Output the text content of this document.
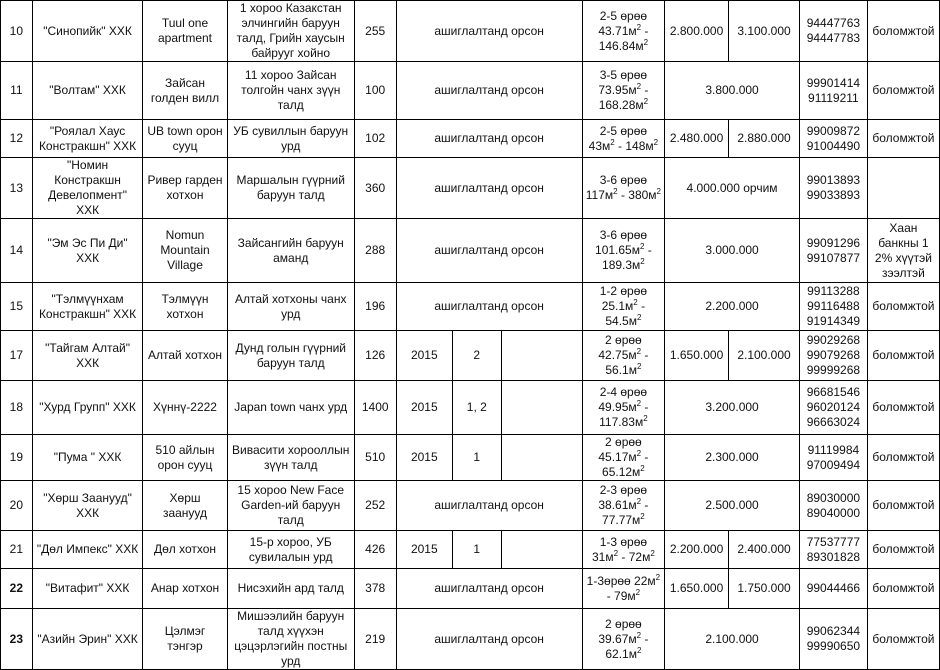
10	"Синопийк" ХХК	Tuul one apartment	1 хороо Казакстан элчингийн баруун талд, Грийн хаусын байрууг хойно	255	ашиглалтанд орсон			2-5 өрөө $43.71м^2 - 146.84м^2$	2.800.000	3.100.000	94447763 94447783	боломжтой
11	"Волтам" ХХК	Зайсан голден вилл	11 хороо Зайсан толгойн чанх зүүн талд	100	ашиглалтанд орсон			3-5 өрөө $73.95м^2 - 168.28м^2$	3.800.000		99901414 91119211	боломжтой
12	"Роялал Хаус Констракшн" ХХК	UB town орон сууц	УБ сувиллын баруун урд	102	ашиглалтанд орсон			2-5 өрөө $43м^2 - 148м^2$	2.480.000	2.880.000	99009872 91004490	боломжтой
13	"Номин Констракшн Девелопмент" ХХК	Ривер гарден хотхон	Маршалын гүүрний баруун талд	360	ашиглалтанд орсон			3-6 өрөө $117м^2 - 380м^2$	4.000.000 орчим		99013893 99033893	
14	"Эм Эс Пи Ди" ХХК	Nomun Mountain Village	Зайсангийн баруун аманд	288	ашиглалтанд орсон			3-6 өрөө $101.65м^2 - 189.3м^2$	3.000.000		99091296 99107877	Хаан банкны 1 2% хүүтэй зээлтэй
15	"Тэлмүүнхам Констракшн" ХХК	Тэлмүүн хотхон	Алтай хотхоны чанх урд	196	ашиглалтанд орсон			1-2 өрөө $25.1м^2 - 54.5м^2$	2.200.000		99113288 99116488 91914349	боломжтой
17	"Тайгам Алтай" ХХК	Алтай хотхон	Дунд голын гүүрний баруун талд	126	2015	2		2 өрөө $42.75м^2 - 56.1м^2$	1.650.000	2.100.000	99029268 99079268 99999268	боломжтой
18	"Хурд Групп" ХХК	Хүннү-2222	Japan town чанх урд	1400	2015	1, 2		2-4 өрөө $49.95м^2 - 117.83м^2$	3.200.000		96681546 96020124 96663024	боломжтой
19	"Пума " ХХК	510 айлын орон сууц	Вивасити хорооллын зүүн талд	510	2015	1		2 өрөө $45.17м^2 - 65.12м^2$	2.300.000		91119984 97009494	боломжтой
20	"Хөрш Заанууд" ХХК	Хөрш заанууд	15 хороо New Face Garden-ий баруун талд	252	ашиглалтанд орсон			2-3 өрөө $38.61м^2 - 77.77м^2$	2.500.000		89030000 89040000	боломжтой
21	"Дөл Импекс" ХХК	Дөл хотхон	15-р хороо, УБ сувилалын урд	426	2015	1		1-3 өрөө $31м^2 - 72м^2$	2.200.000	2.400.000	77537777 89301828	боломжтой
22	"Витафит" ХХК	Анар хотхон	Нисэхийн ард талд	378	ашиглалтанд орсон			1-3өрөө $22м^2 - 79м^2$	1.650.000	1.750.000	99044466	боломжтой
23	"Азийн Эрин" ХХК	Цэлмэг тэнгэр	Мишээлийн баруун талд хүүхэн цэцэрлэгийн постны урд	219	ашиглалтанд орсон			2 өрөө $39.67м^2 - 62.1м^2$	2.100.000		99062344 99990650	боломжтой
